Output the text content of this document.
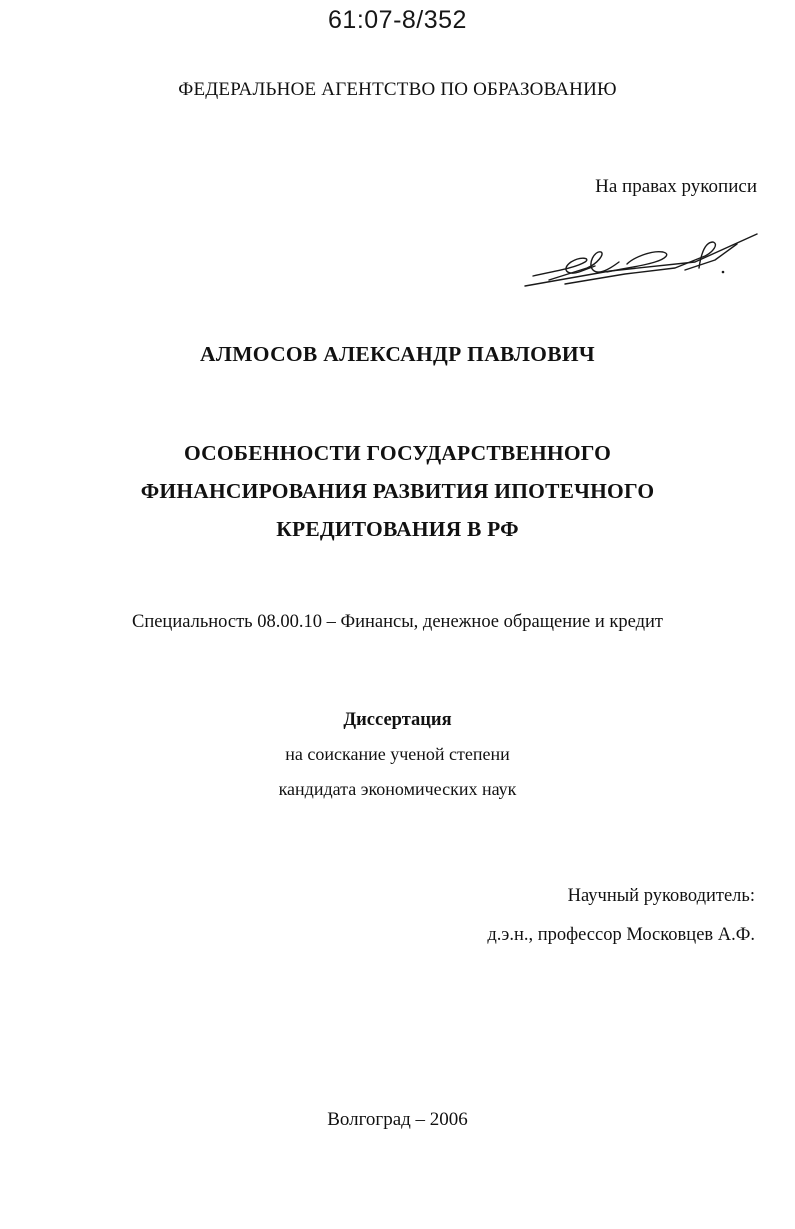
61:07-8/352
ФЕДЕРАЛЬНОЕ АГЕНТСТВО ПО ОБРАЗОВАНИЮ
На правах рукописи
АЛМОСОВ АЛЕКСАНДР ПАВЛОВИЧ
ОСОБЕННОСТИ ГОСУДАРСТВЕННОГО
ФИНАНСИРОВАНИЯ РАЗВИТИЯ ИПОТЕЧНОГО
КРЕДИТОВАНИЯ В РФ
Специальность 08.00.10 – Финансы, денежное обращение и кредит
Диссертация
на соискание ученой степени
кандидата экономических наук
Научный руководитель:
д.э.н., профессор Московцев А.Ф.
Волгоград – 2006
